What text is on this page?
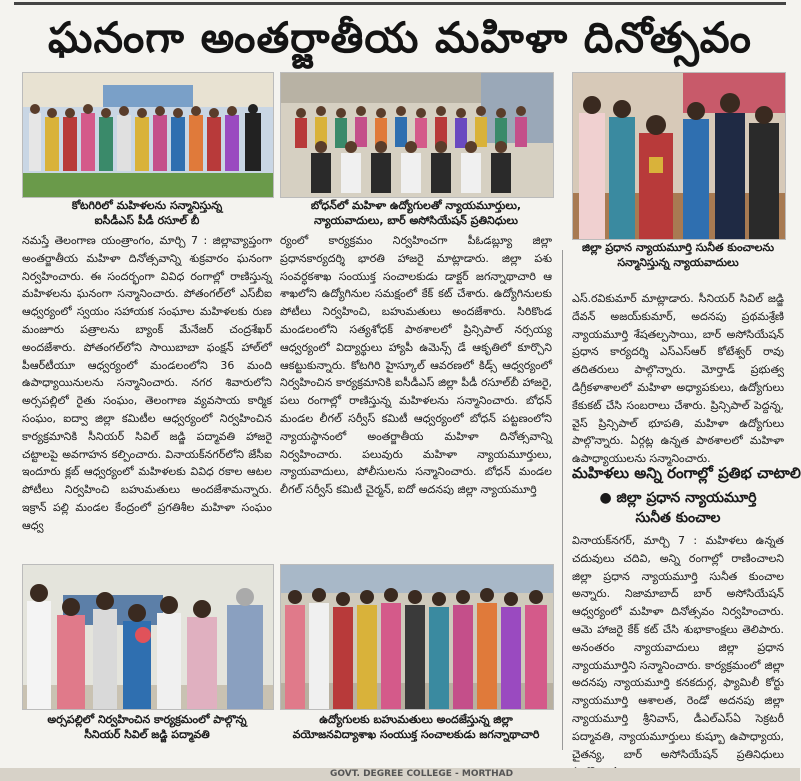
ఘనంగా అంతర్జాతీయ మహిళా దినోత్సవం
కోటగిరిలో మహిళలను సన్మానిస్తున్న
ఐసీడీఎస్ పీడీ రసూల్ బీ
బోధన్‌లో మహిళా ఉద్యోగులతో న్యాయమూర్తులు,
న్యాయవాదులు, బార్ అసోసియేషన్ ప్రతినిధులు
జిల్లా ప్రధాన న్యాయమూర్తి సునీత కుంచాలను
సన్మానిస్తున్న న్యాయవాదులు

నమస్తే తెలంగాణ యంత్రాంగం, మార్చి 7 : జిల్లావ్యాప్తంగా అంతర్జాతీయ మహిళా దినోత్సవాన్ని శుక్రవారం ఘనంగా నిర్వహించారు. ఈ సందర్భంగా వివిధ రంగాల్లో రాణిస్తున్న మహిళలను ఘనంగా సన్మానించారు. పోతంగల్‌లో ఎస్‌బీఐ ఆధ్వర్యంలో స్వయం సహాయక సంఘాల మహిళలకు రుణ మంజూరు పత్రాలను బ్యాంక్ మేనేజర్ చంద్రశేఖర్ అందజేశారు. పోతంగల్‌లోని సాయిబాబా ఫంక్షన్ హాల్‌లో పీఆర్‌టీయూ ఆధ్వర్యంలో మండలంలోని 36 మంది ఉపాధ్యాయినులను సన్మానించారు. నగర శివారులోని అర్సపల్లిలో రైతు సంఘం, తెలంగాణ వ్యవసాయ కార్మిక సంఘం, ఐద్వా జిల్లా కమిటీల ఆధ్వర్యంలో నిర్వహించిన కార్యక్రమానికి సీనియర్ సివిల్ జడ్జి పద్మావతి హాజరై చట్టాలపై అవగాహన కల్పించారు. వినాయక్‌నగర్‌లోని జేసీఐ ఇందూరు క్లబ్ ఆధ్వర్యంలో మహిళలకు వివిధ రకాల ఆటల పోటీలు నిర్వహించి బహుమతులు అందజేశామన్నారు. ఇక్రాన్ పల్లి మండల కేంద్రంలో ప్రగతిశీల మహిళా సంఘం ఆధ్వ

ర్యంలో కార్యక్రమం నిర్వహించగా పీఓడబ్ల్యూ జిల్లా ప్రధానకార్యదర్శి భారతి హాజరై మాట్లాడారు. జిల్లా పశు సంవర్ధకశాఖ సంయుక్త సంచాలకుడు డాక్టర్ జగన్నాథాచారి ఆ శాఖలోని ఉద్యోగినుల సమక్షంలో కేక్ కట్ చేశారు. ఉద్యోగినులకు పోటీలు నిర్వహించి, బహుమతులు అందజేశారు. సిరికొండ మండలంలోని సత్యశోధక్ పాఠశాలలో ప్రిన్సిపాల్ నర్సయ్య ఆధ్వర్యంలో విద్యార్థులు హ్యాపీ ఉమెన్స్ డే ఆకృతిలో కూర్చొని ఆకట్టుకున్నారు. కోటగిరి హైస్కూల్ ఆవరణలో కిడ్స్ ఆధ్వర్యంలో నిర్వహించిన కార్యక్రమానికి ఐసీడీఎస్ జిల్లా పీడీ రసూల్‌బీ హాజరై, పలు రంగాల్లో రాణిస్తున్న మహిళలను సన్మానించారు. బోధన్ మండల లీగల్ సర్వీస్ కమిటీ ఆధ్వర్యంలో బోధన్ పట్టణంలోని న్యాయస్థానంలో అంతర్జాతీయ మహిళా దినోత్సవాన్ని నిర్వహించారు. పలువురు మహిళా న్యాయమూర్తులు, న్యాయవాదులు, పోలీసులను సన్మానించారు. బోధన్ మండల లీగల్ సర్వీస్ కమిటీ చైర్మన్, ఐదో అదనపు జిల్లా న్యాయమూర్తి

ఎస్.రవికుమార్ మాట్లాడారు. సీనియర్ సివిల్ జడ్జి దేవన్ అజయ్‌కుమార్, అదనపు ప్రథమశ్రేణి న్యాయమూర్తి శేషతల్పసాయి, బార్ అసోసియేషన్ ప్రధాన కార్యదర్శి ఎస్ఎస్‌ఆర్ కోటేశ్వర్ రావు తదితరులు పాల్గొన్నారు. మోర్తాడ్ ప్రభుత్వ డిగ్రీకళాశాలలో మహిళా అధ్యాపకులు, ఉద్యోగులు కేకుకట్ చేసి సంబరాలు చేశారు. ప్రిన్సిపాల్ పెద్దన్న, వైస్ ప్రిన్సిపాల్ భూపతి, మహిళా ఉద్యోగులు పాల్గొన్నారు. ఏర్గట్ల ఉన్నత పాఠశాలలో మహిళా ఉపాధ్యాయులను సన్మానించారు.

మహిళలు అన్ని రంగాల్లో ప్రతిభ చాటాలి
● జిల్లా ప్రధాన న్యాయమూర్తి
సునీత కుంచాల

వినాయక్‌నగర్, మార్చి 7 : మహిళలు ఉన్నత చదువులు చదివి, అన్ని రంగాల్లో రాణించాలని జిల్లా ప్రధాన న్యాయమూర్తి సునీత కుంచాల అన్నారు. నిజామాబాద్ బార్ అసోసియేషన్ ఆధ్వర్యంలో మహిళా దినోత్సవం నిర్వహించారు. ఆమె హాజరై కేక్ కట్ చేసి శుభాకాంక్షలు తెలిపారు. అనంతరం న్యాయవాదులు జిల్లా ప్రధాన న్యాయమూర్తిని సన్మానించారు. కార్యక్రమంలో జిల్లా అదనపు న్యాయమూర్తి కనకదుర్గ, ఫ్యామిలీ కోర్టు న్యాయమూర్తి ఆశాలత, రెండో అదనపు జిల్లా న్యాయమూర్తి శ్రీనివాస్, డీఎల్‌ఎస్‌ఏ సెక్రటరీ పద్మావతి, న్యాయమూర్తులు కుష్బూ ఉపాధ్యాయ, చైతన్య, బార్ అసోసియేషన్ ప్రతినిధులు

అర్సపల్లిలో నిర్వహించిన కార్యక్రమంలో పాల్గొన్న
సీనియర్ సివిల్ జడ్జి పద్మావతి
ఉద్యోగులకు బహుమతులు అందజేస్తున్న జిల్లా
వయోజనవిద్యాశాఖ సంయుక్త సంచాలకుడు జగన్నాథాచారి
GOVT. DEGREE COLLEGE - MORTHAD
